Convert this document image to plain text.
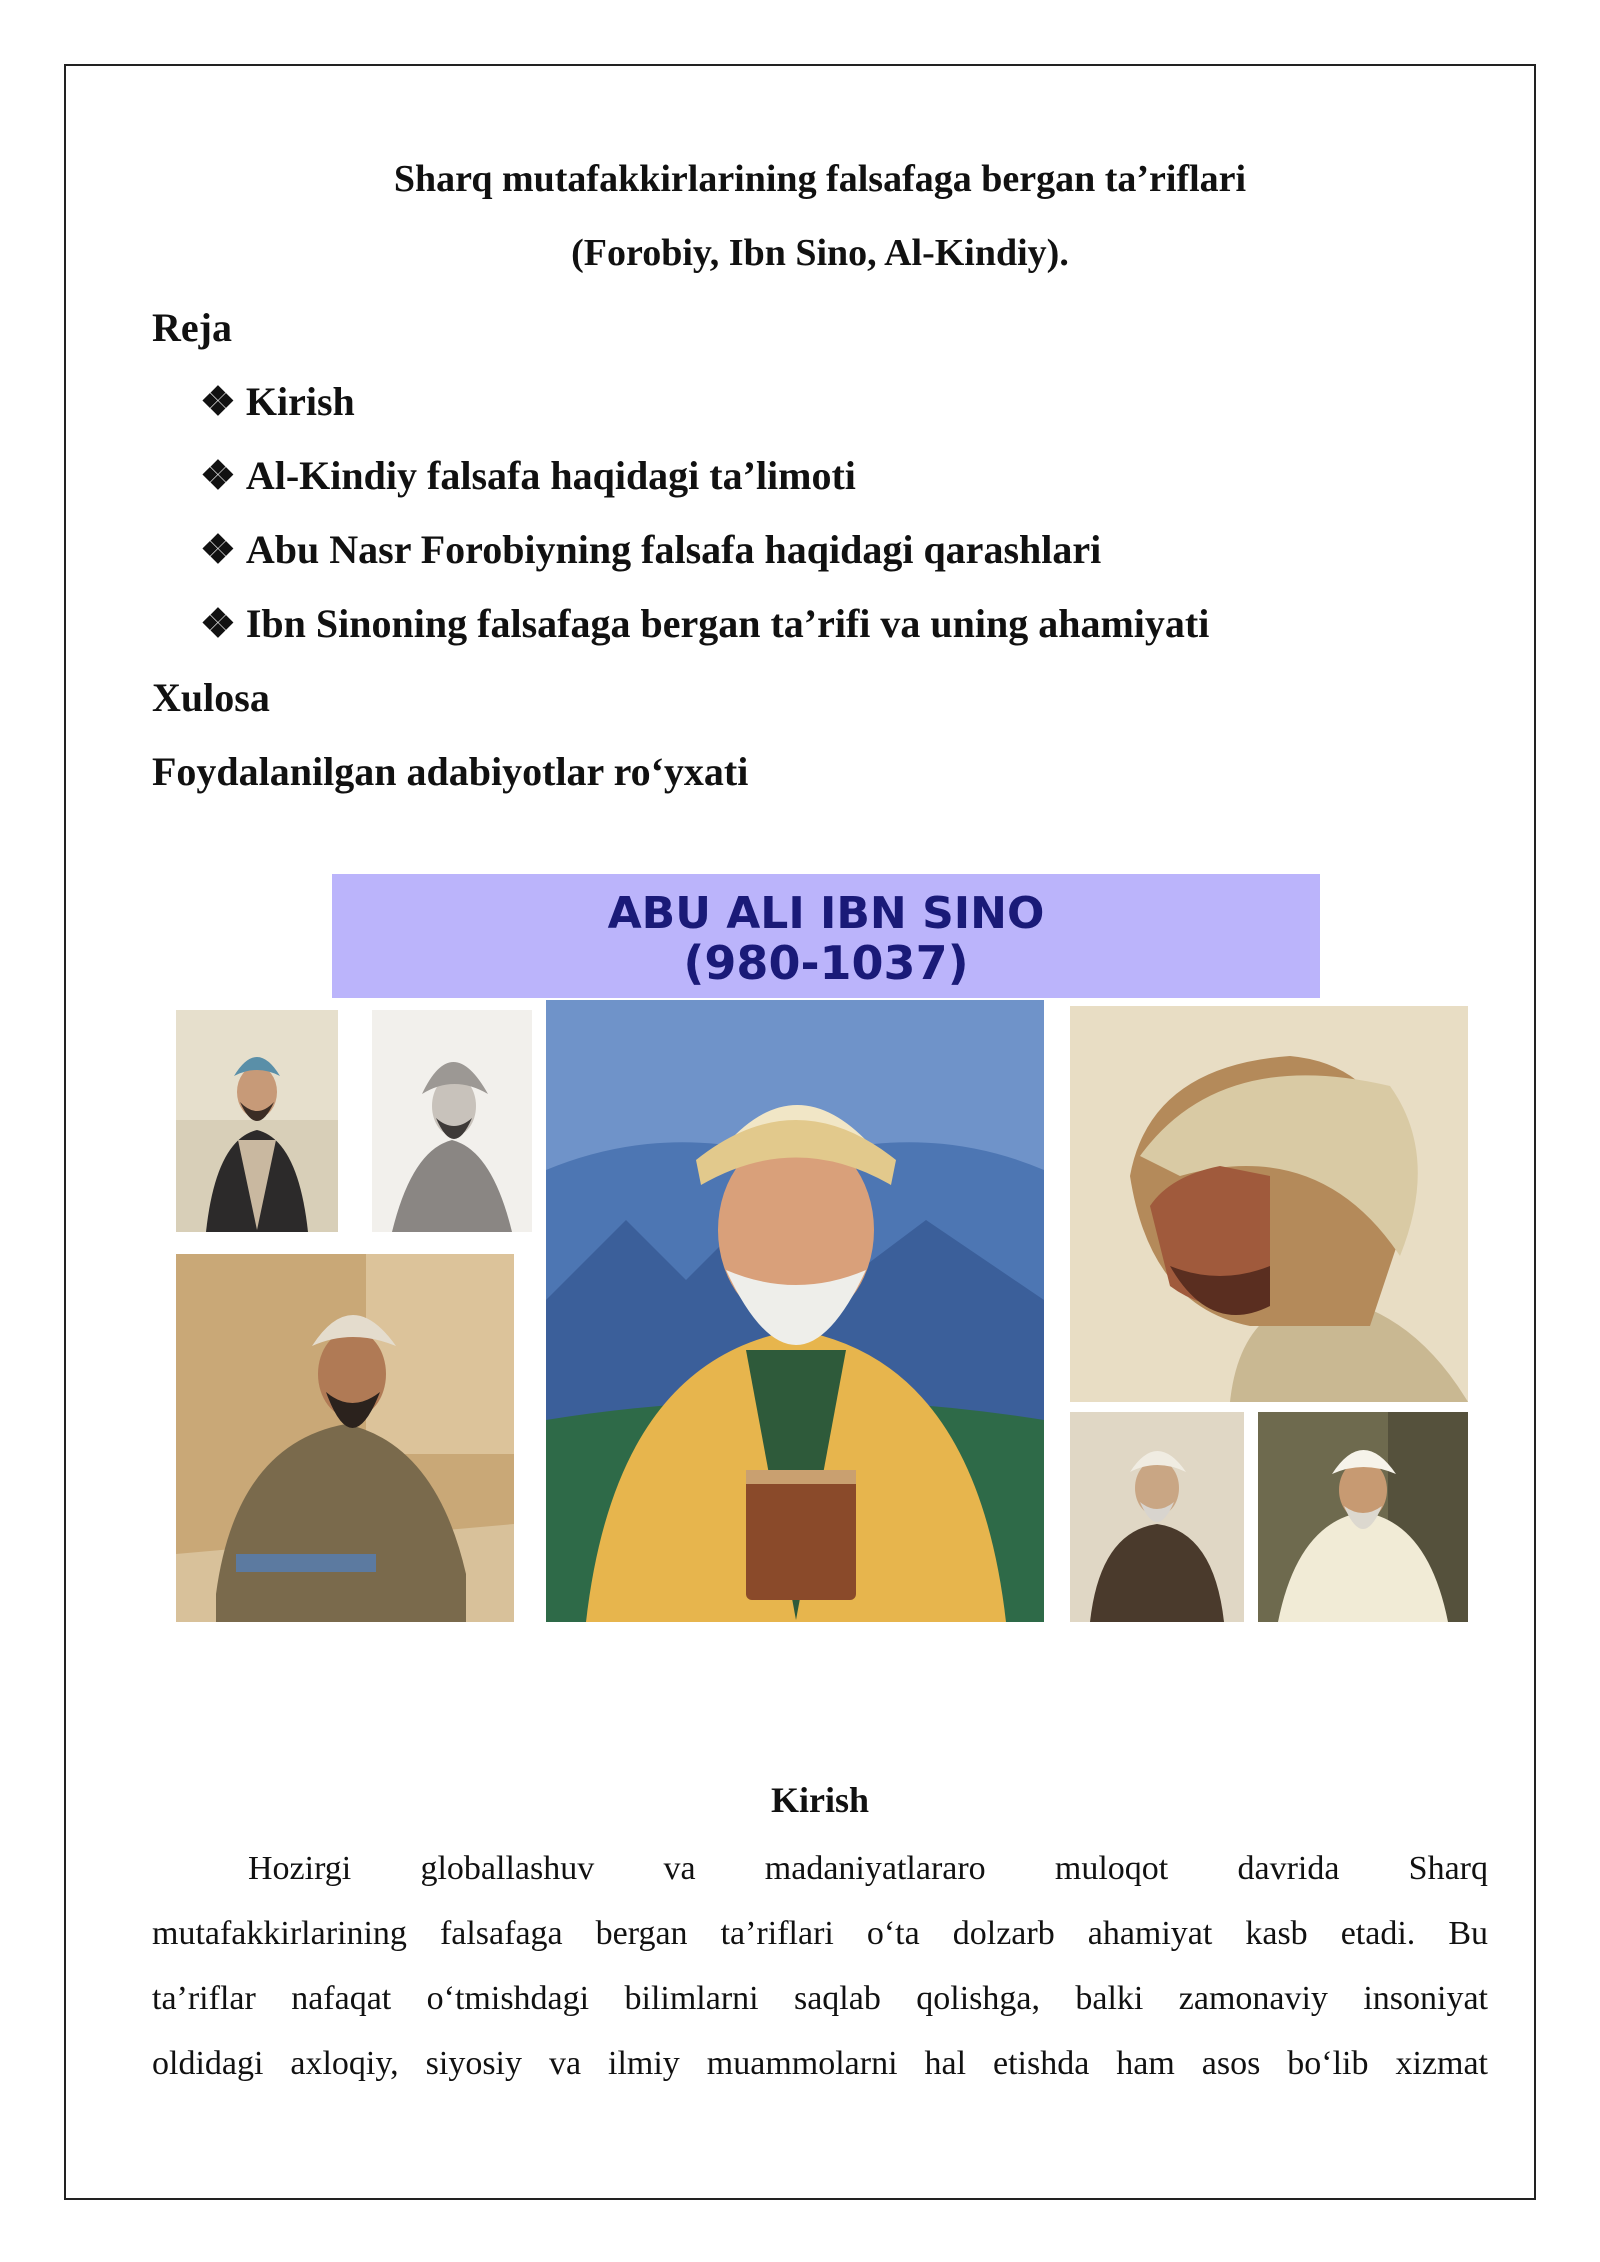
Sharq mutafakkirlarining falsafaga bergan ta’riflari
(Forobiy, Ibn Sino, Al-Kindiy).
Reja
❖ Kirish
❖ Al-Kindiy falsafa haqidagi ta’limoti
❖ Abu Nasr Forobiyning falsafa haqidagi qarashlari
❖ Ibn Sinoning falsafaga bergan ta’rifi va uning ahamiyati
Xulosa
Foydalanilgan adabiyotlar ro‘yxati
ABU ALI IBN SINO
(980-1037)
Kirish
Hozirgi globallashuv va madaniyatlararo muloqot davrida Sharq
mutafakkirlarining falsafaga bergan ta’riflari o‘ta dolzarb ahamiyat kasb etadi. Bu
ta’riflar nafaqat o‘tmishdagi bilimlarni saqlab qolishga, balki zamonaviy insoniyat
oldidagi axloqiy, siyosiy va ilmiy muammolarni hal etishda ham asos bo‘lib xizmat
